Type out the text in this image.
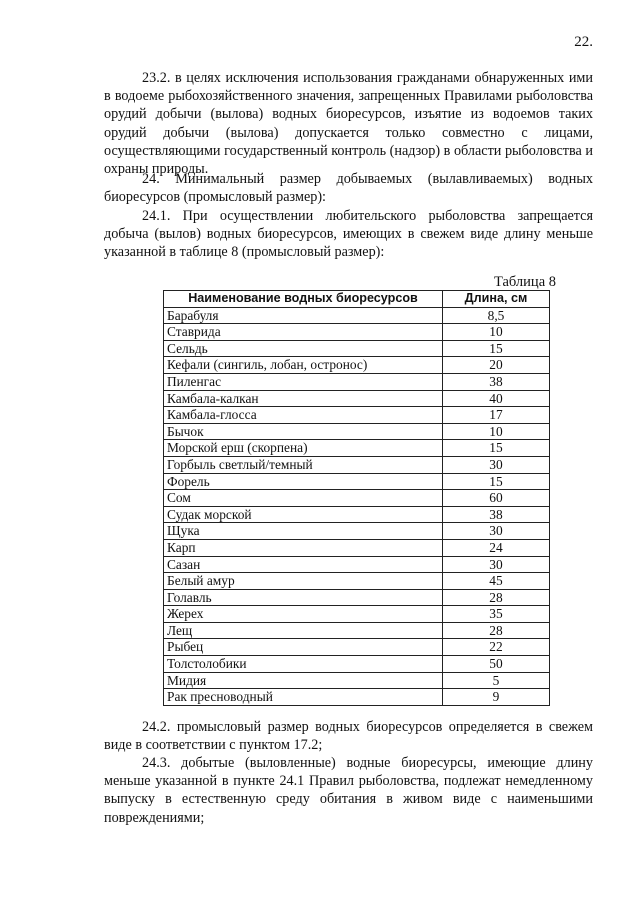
22.

23.2. в целях исключения использования гражданами обнаруженных ими в водоеме рыбохозяйственного значения, запрещенных Правилами рыболовства орудий добычи (вылова) водных биоресурсов, изъятие из водоемов таких орудий добычи (вылова) допускается только совместно с лицами, осуществляющими государственный контроль (надзор) в области рыболовства и охраны природы.

24. Минимальный размер добываемых (вылавливаемых) водных биоресурсов (промысловый размер):

24.1. При осуществлении любительского рыболовства запрещается добыча (вылов) водных биоресурсов, имеющих в свежем виде длину меньше указанной в таблице 8 (промысловый размер):

Таблица 8
Наименование водных биоресурсов	Длина, см
Барабуля	8,5
Ставрида	10
Сельдь	15
Кефали (сингиль, лобан, остронос)	20
Пиленгас	38
Камбала-калкан	40
Камбала-глосса	17
Бычок	10
Морской ерш (скорпена)	15
Горбыль светлый/темный	30
Форель	15
Сом	60
Судак морской	38
Щука	30
Карп	24
Сазан	30
Белый амур	45
Голавль	28
Жерех	35
Лещ	28
Рыбец	22
Толстолобики	50
Мидия	5
Рак пресноводный	9

24.2. промысловый размер водных биоресурсов определяется в свежем виде в соответствии с пунктом 17.2;

24.3. добытые (выловленные) водные биоресурсы, имеющие длину меньше указанной в пункте 24.1 Правил рыболовства, подлежат немедленному выпуску в естественную среду обитания в живом виде с наименьшими повреждениями;
